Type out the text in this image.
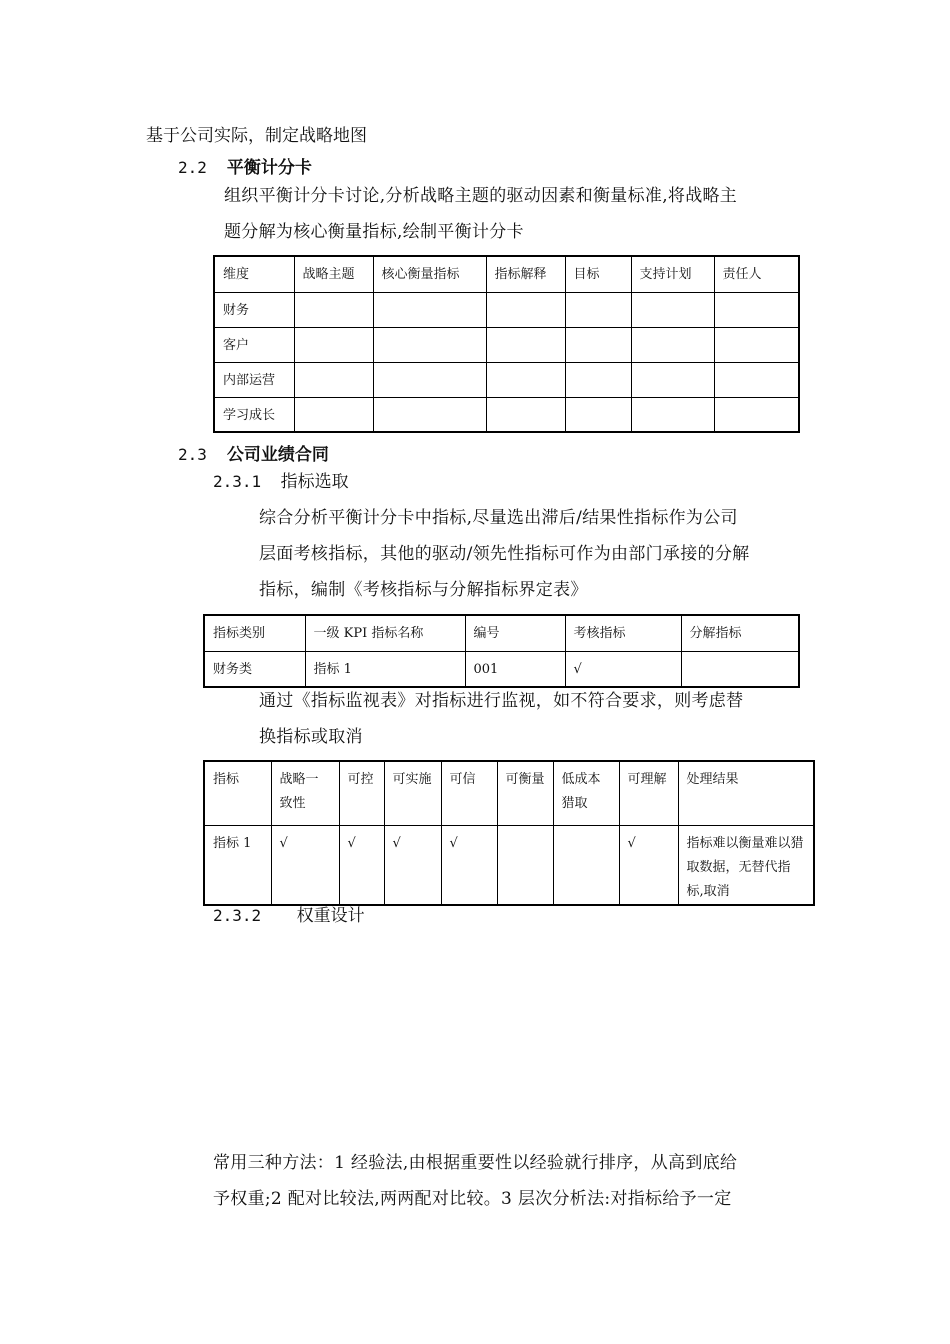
基于公司实际，制定战略地图
2.2 平衡计分卡
组织平衡计分卡讨论,分析战略主题的驱动因素和衡量标准,将战略主
题分解为核心衡量指标,绘制平衡计分卡
维度	战略主题	核心衡量指标	指标解释	目标	支持计划	责任人
财务						
客户						
内部运营						
学习成长						
2.3 公司业绩合同
2.3.1 指标选取
综合分析平衡计分卡中指标,尽量选出滞后/结果性指标作为公司
层面考核指标，其他的驱动/领先性指标可作为由部门承接的分解
指标，编制《考核指标与分解指标界定表》
指标类别	一级 KPI 指标名称	编号	考核指标	分解指标
财务类	指标 1	001	√	
通过《指标监视表》对指标进行监视，如不符合要求，则考虑替
换指标或取消
指标	战略一致性	可控	可实施	可信	可衡量	低成本猎取	可理解	处理结果
指标 1	√	√	√	√			√	指标难以衡量难以猎取数据，无替代指标,取消
2.3.2 权重设计
常用三种方法：1 经验法,由根据重要性以经验就行排序，从高到底给
予权重;2 配对比较法,两两配对比较。3 层次分析法:对指标给予一定
